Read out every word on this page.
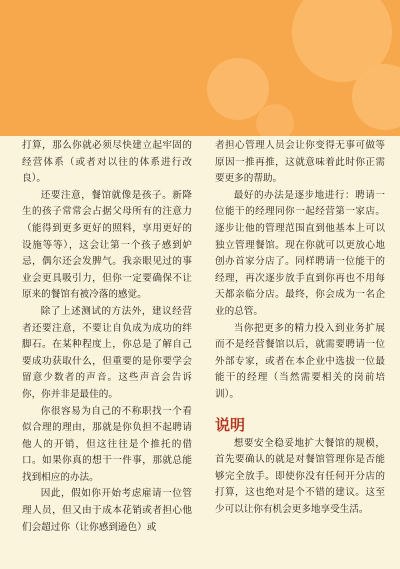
打算，那么你就必须尽快建立起牢固的经营体系（或者对以往的体系进行改良）。

还要注意，餐馆就像是孩子。新降生的孩子常常会占据父母所有的注意力（能得到更多更好的照料，享用更好的设施等等），这会让第一个孩子感到妒忌，偶尔还会发脾气。我亲眼见过的事业会更具吸引力，但你一定要确保不让原来的餐馆有被冷落的感觉。

除了上述测试的方法外，建议经营者还要注意，不要让自负成为成功的绊脚石。在某种程度上，你总是了解自己要成功获取什么，但重要的是你要学会留意少数者的声音。这些声音会告诉你，你并非是最佳的。

你很容易为自己的不称职找一个看似合理的理由，那就是你负担不起聘请他人的开销，但这往往是个推托的借口。如果你真的想干一件事，那就总能找到相应的办法。

因此，假如你开始考虑雇请一位管理人员，但又由于成本花销或者担心他们会超过你（让你感到逊色）或

者担心管理人员会让你变得无事可做等原因一推再推，这就意味着此时你正需要更多的帮助。

最好的办法是逐步地进行：聘请一位能干的经理同你一起经营第一家店。逐步让他的管理范围直到他基本上可以独立管理餐馆。现在你就可以更放心地创办首家分店了。同样聘请一位能干的经理，再次逐步放手直到你再也不用每天都亲临分店。最终，你会成为一名企业的总管。

当你把更多的精力投入到业务扩展而不是经营餐馆以后，就需要聘请一位外部专家，或者在本企业中选拔一位最能干的经理（当然需要相关的岗前培训）。

说明

想要安全稳妥地扩大餐馆的规模，首先要确认的就是对餐馆管理你是否能够完全放手。即使你没有任何开分店的打算，这也绝对是个不错的建议。这至少可以让你有机会更多地享受生活。
